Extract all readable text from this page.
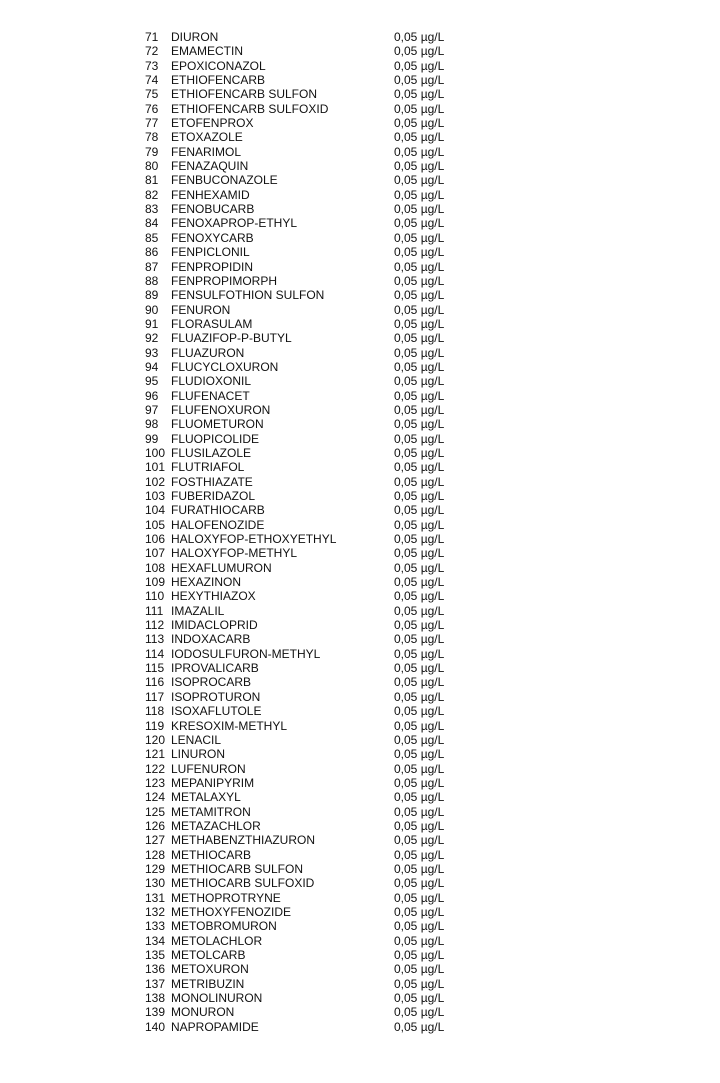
71 DIURON	0,05 µg/L
72 EMAMECTIN	0,05 µg/L
73 EPOXICONAZOL	0,05 µg/L
74 ETHIOFENCARB	0,05 µg/L
75 ETHIOFENCARB SULFON	0,05 µg/L
76 ETHIOFENCARB SULFOXID	0,05 µg/L
77 ETOFENPROX	0,05 µg/L
78 ETOXAZOLE	0,05 µg/L
79 FENARIMOL	0,05 µg/L
80 FENAZAQUIN	0,05 µg/L
81 FENBUCONAZOLE	0,05 µg/L
82 FENHEXAMID	0,05 µg/L
83 FENOBUCARB	0,05 µg/L
84 FENOXAPROP-ETHYL	0,05 µg/L
85 FENOXYCARB	0,05 µg/L
86 FENPICLONIL	0,05 µg/L
87 FENPROPIDIN	0,05 µg/L
88 FENPROPIMORPH	0,05 µg/L
89 FENSULFOTHION SULFON	0,05 µg/L
90 FENURON	0,05 µg/L
91 FLORASULAM	0,05 µg/L
92 FLUAZIFOP-P-BUTYL	0,05 µg/L
93 FLUAZURON	0,05 µg/L
94 FLUCYCLOXURON	0,05 µg/L
95 FLUDIOXONIL	0,05 µg/L
96 FLUFENACET	0,05 µg/L
97 FLUFENOXURON	0,05 µg/L
98 FLUOMETURON	0,05 µg/L
99 FLUOPICOLIDE	0,05 µg/L
100 FLUSILAZOLE	0,05 µg/L
101 FLUTRIAFOL	0,05 µg/L
102 FOSTHIAZATE	0,05 µg/L
103 FUBERIDAZOL	0,05 µg/L
104 FURATHIOCARB	0,05 µg/L
105 HALOFENOZIDE	0,05 µg/L
106 HALOXYFOP-ETHOXYETHYL	0,05 µg/L
107 HALOXYFOP-METHYL	0,05 µg/L
108 HEXAFLUMURON	0,05 µg/L
109 HEXAZINON	0,05 µg/L
110 HEXYTHIAZOX	0,05 µg/L
111 IMAZALIL	0,05 µg/L
112 IMIDACLOPRID	0,05 µg/L
113 INDOXACARB	0,05 µg/L
114 IODOSULFURON-METHYL	0,05 µg/L
115 IPROVALICARB	0,05 µg/L
116 ISOPROCARB	0,05 µg/L
117 ISOPROTURON	0,05 µg/L
118 ISOXAFLUTOLE	0,05 µg/L
119 KRESOXIM-METHYL	0,05 µg/L
120 LENACIL	0,05 µg/L
121 LINURON	0,05 µg/L
122 LUFENURON	0,05 µg/L
123 MEPANIPYRIM	0,05 µg/L
124 METALAXYL	0,05 µg/L
125 METAMITRON	0,05 µg/L
126 METAZACHLOR	0,05 µg/L
127 METHABENZTHIAZURON	0,05 µg/L
128 METHIOCARB	0,05 µg/L
129 METHIOCARB SULFON	0,05 µg/L
130 METHIOCARB SULFOXID	0,05 µg/L
131 METHOPROTRYNE	0,05 µg/L
132 METHOXYFENOZIDE	0,05 µg/L
133 METOBROMURON	0,05 µg/L
134 METOLACHLOR	0,05 µg/L
135 METOLCARB	0,05 µg/L
136 METOXURON	0,05 µg/L
137 METRIBUZIN	0,05 µg/L
138 MONOLINURON	0,05 µg/L
139 MONURON	0,05 µg/L
140 NAPROPAMIDE	0,05 µg/L
